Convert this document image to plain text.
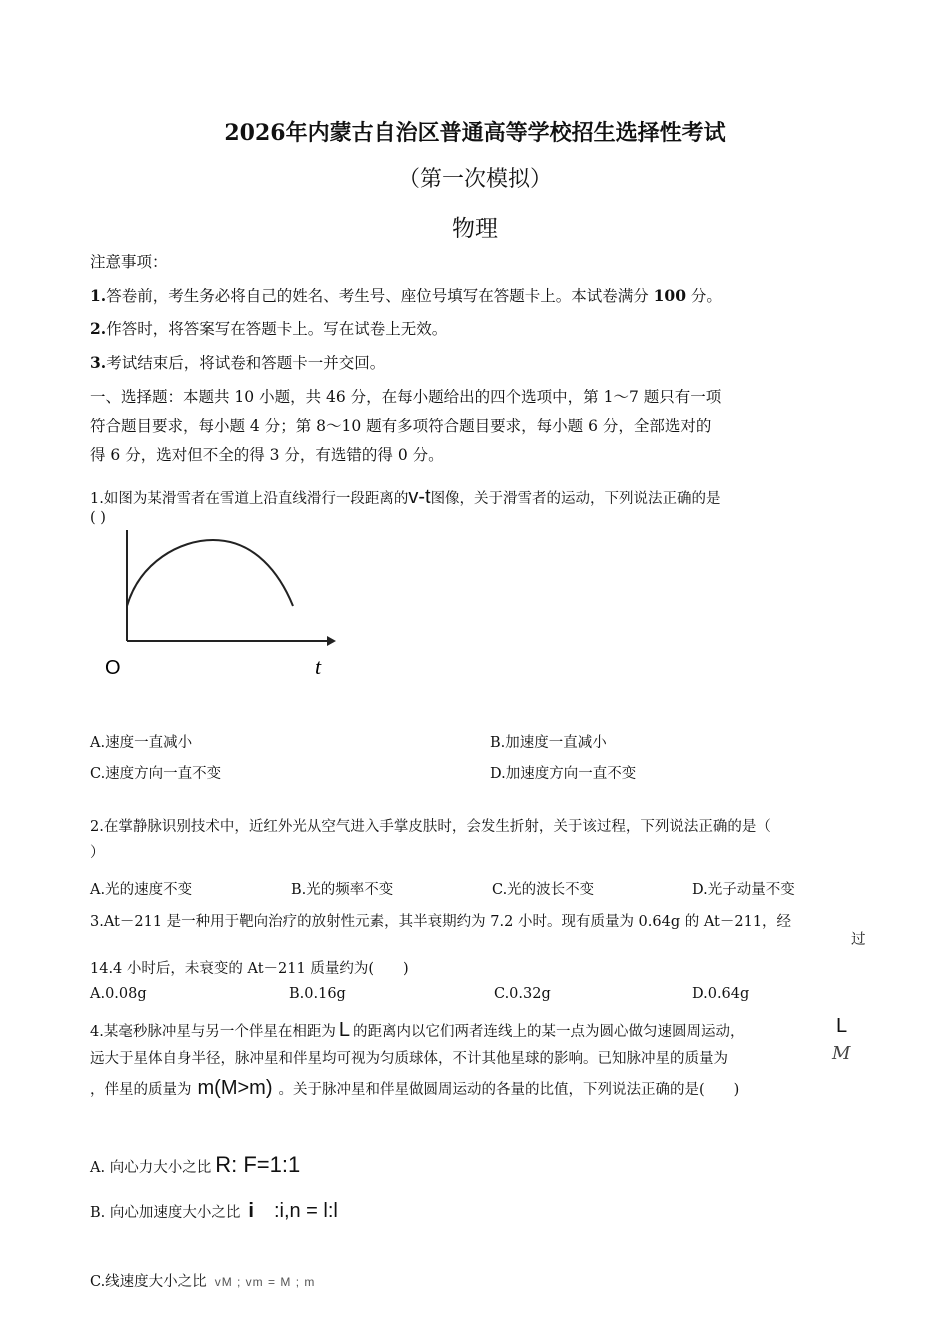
2026年内蒙古自治区普通高等学校招生选择性考试
（第一次模拟）
物理
注意事项：
1.答卷前，考生务必将自己的姓名、考生号、座位号填写在答题卡上。本试卷满分 100 分。
2.作答时，将答案写在答题卡上。写在试卷上无效。
3.考试结束后，将试卷和答题卡一并交回。
一、选择题：本题共 10 小题，共 46 分，在每小题给出的四个选项中，第 1～7 题只有一项
符合题目要求，每小题 4 分；第 8～10 题有多项符合题目要求，每小题 6 分，全部选对的
得 6 分，选对但不全的得 3 分，有选错的得 0 分。
1.如图为某滑雪者在雪道上沿直线滑行一段距离的v-t图像，关于滑雪者的运动，下列说法正确的是
( )
O	t
A.速度一直减小	B.加速度一直减小
C.速度方向一直不变	D.加速度方向一直不变
2.在掌静脉识别技术中，近红外光从空气进入手掌皮肤时，会发生折射，关于该过程，下列说法正确的是（
）
A.光的速度不变	B.光的频率不变	C.光的波长不变	D.光子动量不变
3.At－211 是一种用于靶向治疗的放射性元素，其半衰期约为 7.2 小时。现有质量为 0.64g 的 At－211，经
过
14.4 小时后，未衰变的 At－211 质量约为(　　)
A.0.08g	B.0.16g	C.0.32g	D.0.64g
4.某毫秒脉冲星与另一个伴星在相距为 L 的距离内以它们两者连线上的某一点为圆心做匀速圆周运动，	L
远大于星体自身半径，脉冲星和伴星均可视为匀质球体，不计其他星球的影响。已知脉冲星的质量为	M
，伴星的质量为 m(M>m) 。关于脉冲星和伴星做圆周运动的各量的比值，下列说法正确的是(　　)
A. 向心力大小之比 R: F=1:1
B. 向心加速度大小之比 i :i,n = l:l
C.线速度大小之比 vM ; vm = M ; m
